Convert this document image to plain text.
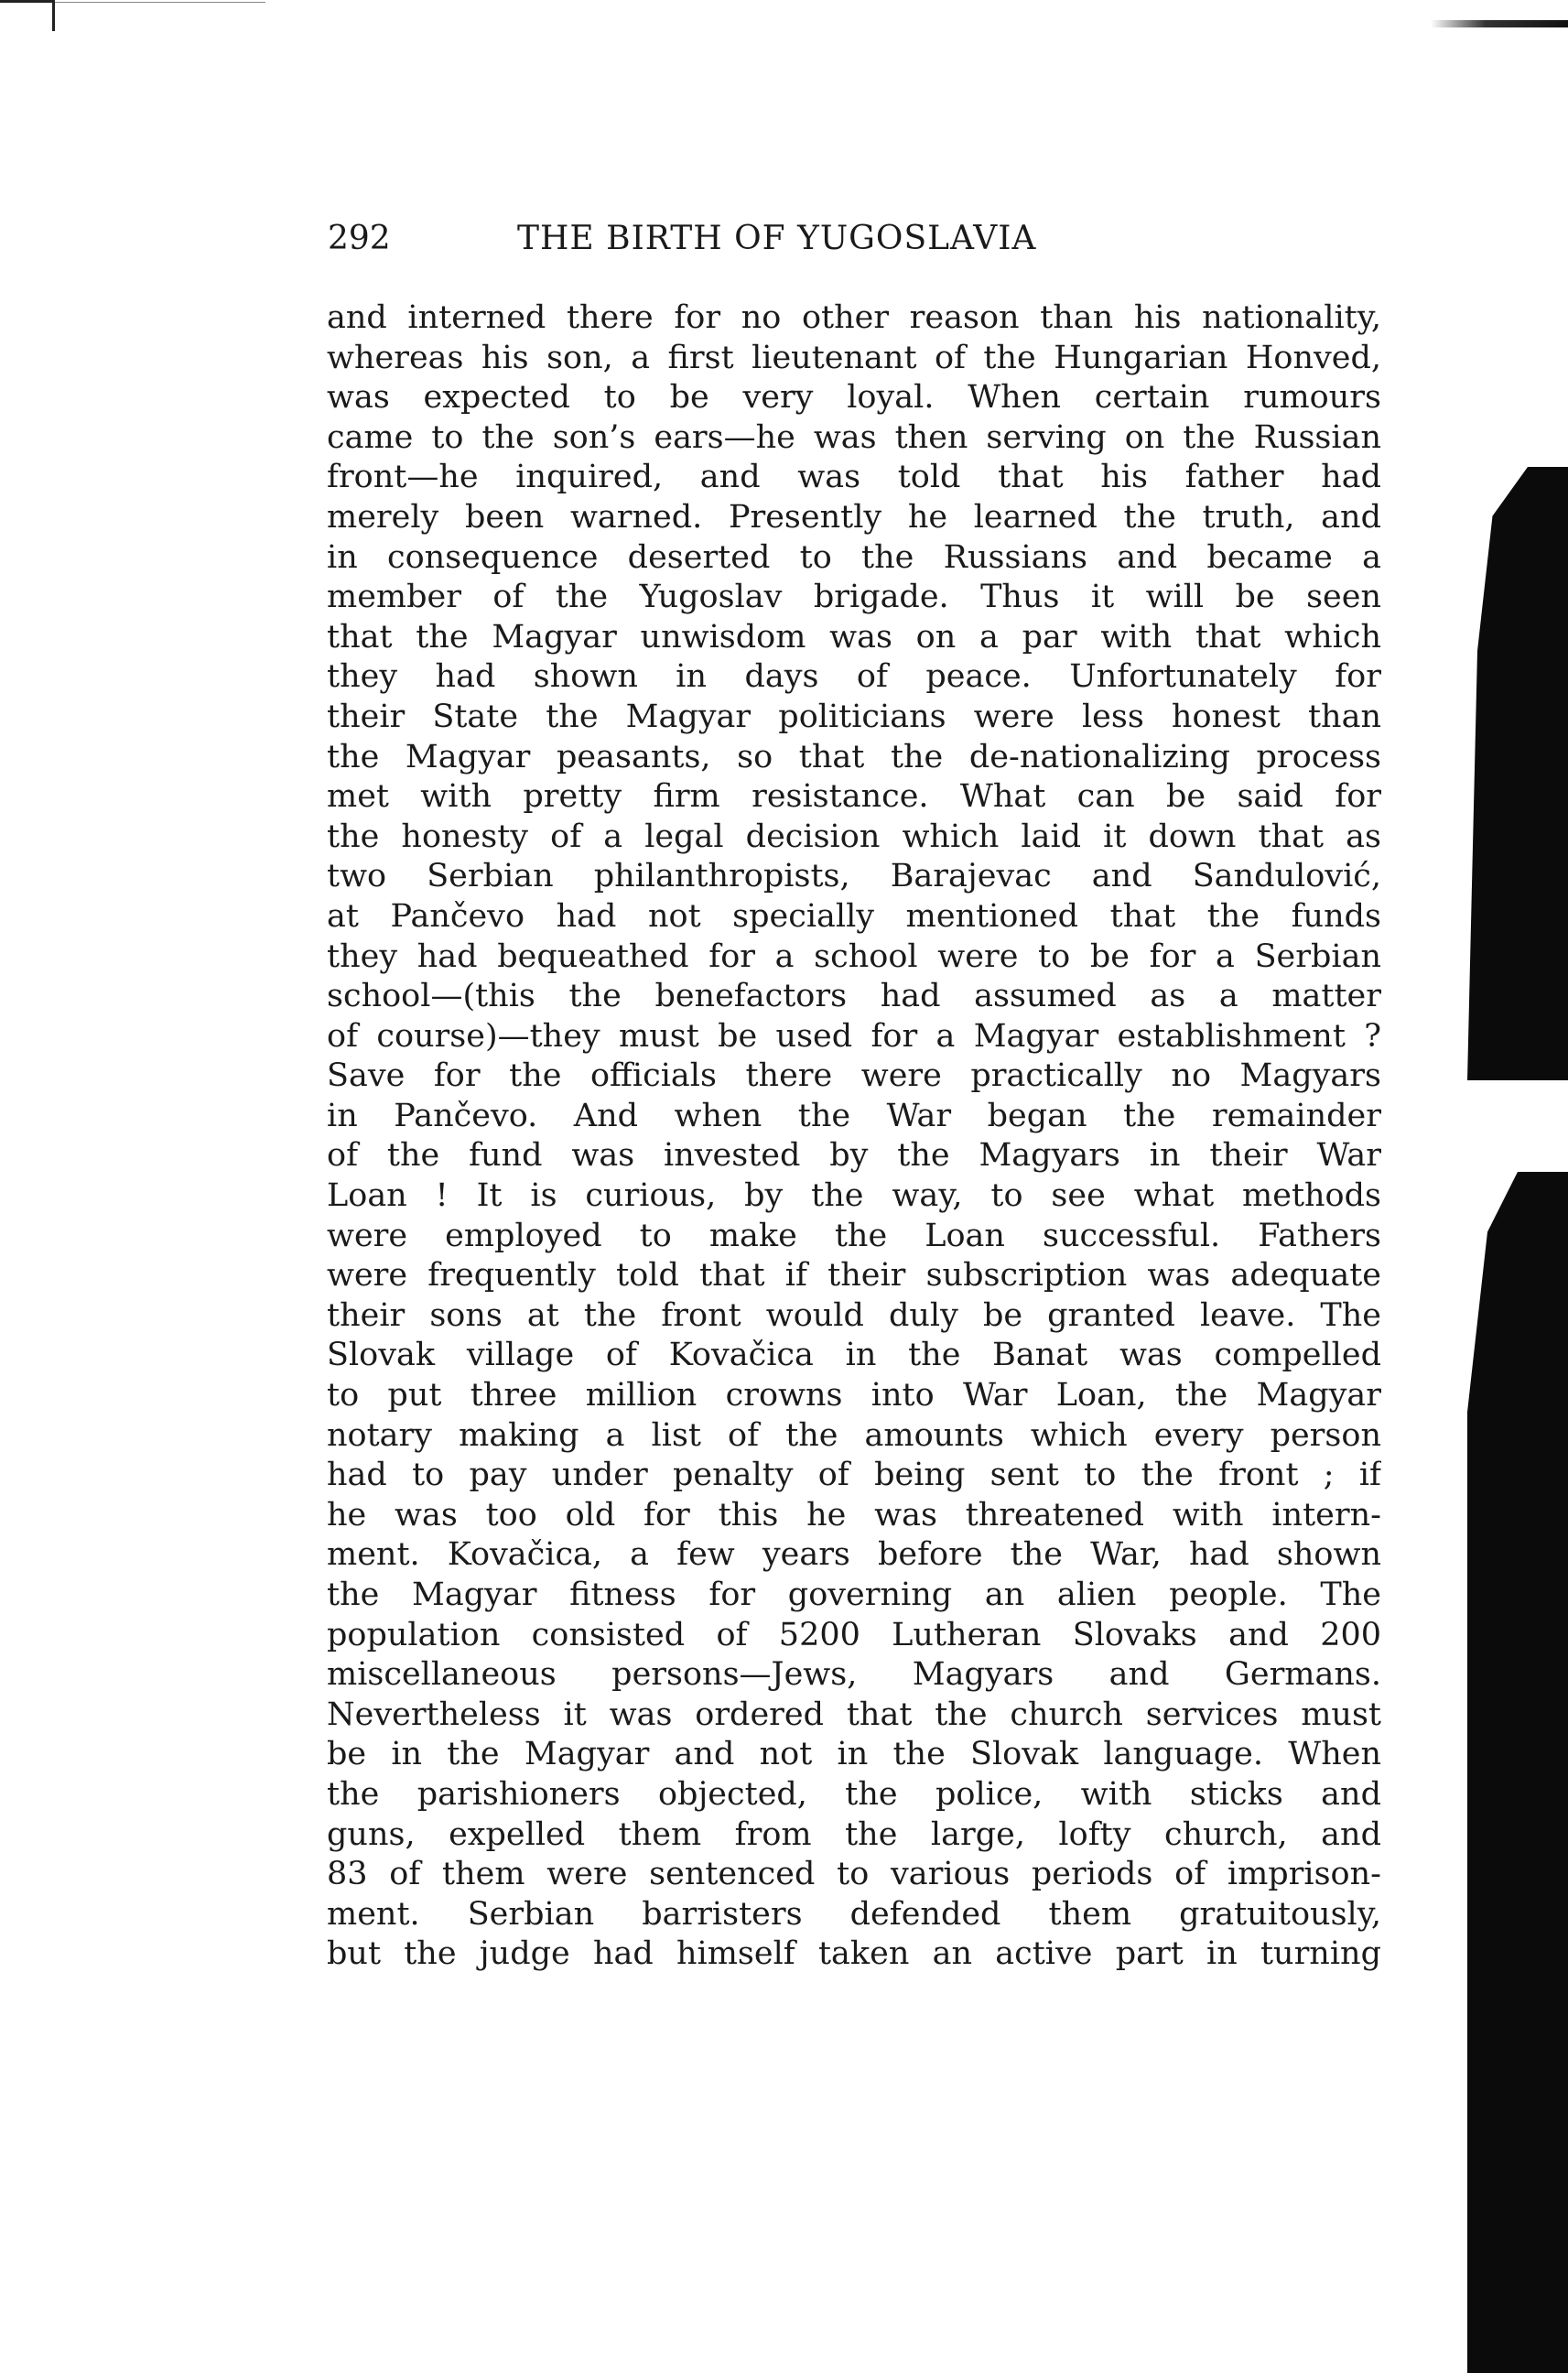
292	THE BIRTH OF YUGOSLAVIA
and interned there for no other reason than his nationality,
whereas his son, a first lieutenant of the Hungarian Honved,
was expected to be very loyal. When certain rumours
came to the son’s ears—he was then serving on the Russian
front—he inquired, and was told that his father had
merely been warned. Presently he learned the truth, and
in consequence deserted to the Russians and became a
member of the Yugoslav brigade. Thus it will be seen
that the Magyar unwisdom was on a par with that which
they had shown in days of peace. Unfortunately for
their State the Magyar politicians were less honest than
the Magyar peasants, so that the de-nationalizing process
met with pretty firm resistance. What can be said for
the honesty of a legal decision which laid it down that as
two Serbian philanthropists, Barajevac and Sandulović,
at Pančevo had not specially mentioned that the funds
they had bequeathed for a school were to be for a Serbian
school—(this the benefactors had assumed as a matter
of course)—they must be used for a Magyar establishment ?
Save for the officials there were practically no Magyars
in Pančevo. And when the War began the remainder
of the fund was invested by the Magyars in their War
Loan ! It is curious, by the way, to see what methods
were employed to make the Loan successful. Fathers
were frequently told that if their subscription was adequate
their sons at the front would duly be granted leave. The
Slovak village of Kovačica in the Banat was compelled
to put three million crowns into War Loan, the Magyar
notary making a list of the amounts which every person
had to pay under penalty of being sent to the front ; if
he was too old for this he was threatened with intern-
ment. Kovačica, a few years before the War, had shown
the Magyar fitness for governing an alien people. The
population consisted of 5200 Lutheran Slovaks and 200
miscellaneous persons—Jews, Magyars and Germans.
Nevertheless it was ordered that the church services must
be in the Magyar and not in the Slovak language. When
the parishioners objected, the police, with sticks and
guns, expelled them from the large, lofty church, and
83 of them were sentenced to various periods of imprison-
ment. Serbian barristers defended them gratuitously,
but the judge had himself taken an active part in turning
